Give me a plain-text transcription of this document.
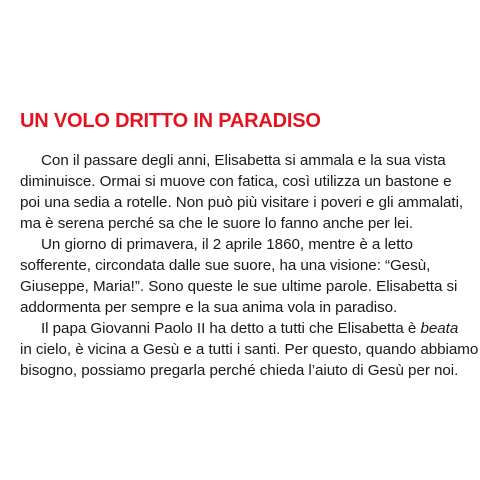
UN VOLO DRITTO IN PARADISO
Con il passare degli anni, Elisabetta si ammala e la sua vista
diminuisce. Ormai si muove con fatica, così utilizza un bastone e
poi una sedia a rotelle. Non può più visitare i poveri e gli ammalati,
ma è serena perché sa che le suore lo fanno anche per lei.
Un giorno di primavera, il 2 aprile 1860, mentre è a letto
sofferente, circondata dalle sue suore, ha una visione: “Gesù,
Giuseppe, Maria!”. Sono queste le sue ultime parole. Elisabetta si
addormenta per sempre e la sua anima vola in paradiso.
Il papa Giovanni Paolo II ha detto a tutti che Elisabetta è beata
in cielo, è vicina a Gesù e a tutti i santi. Per questo, quando abbiamo
bisogno, possiamo pregarla perché chieda l’aiuto di Gesù per noi.
